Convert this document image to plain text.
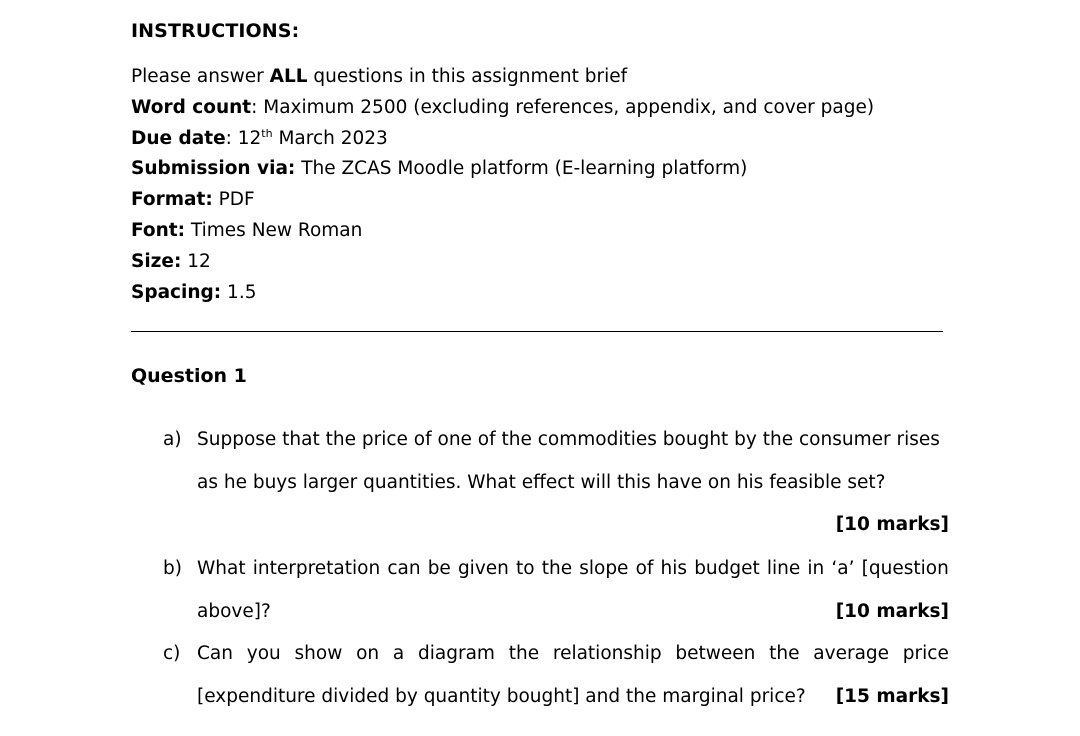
INSTRUCTIONS:
Please answer ALL questions in this assignment brief
Word count: Maximum 2500 (excluding references, appendix, and cover page)
Due date: 12th March 2023
Submission via: The ZCAS Moodle platform (E-learning platform)
Format: PDF
Font: Times New Roman
Size: 12
Spacing: 1.5
Question 1
a) Suppose that the price of one of the commodities bought by the consumer rises
as he buys larger quantities. What effect will this have on his feasible set?
[10 marks]
b) What interpretation can be given to the slope of his budget line in ‘a’ [question
above]?	[10 marks]
c) Can you show on a diagram the relationship between the average price
[expenditure divided by quantity bought] and the marginal price?	[15 marks]
